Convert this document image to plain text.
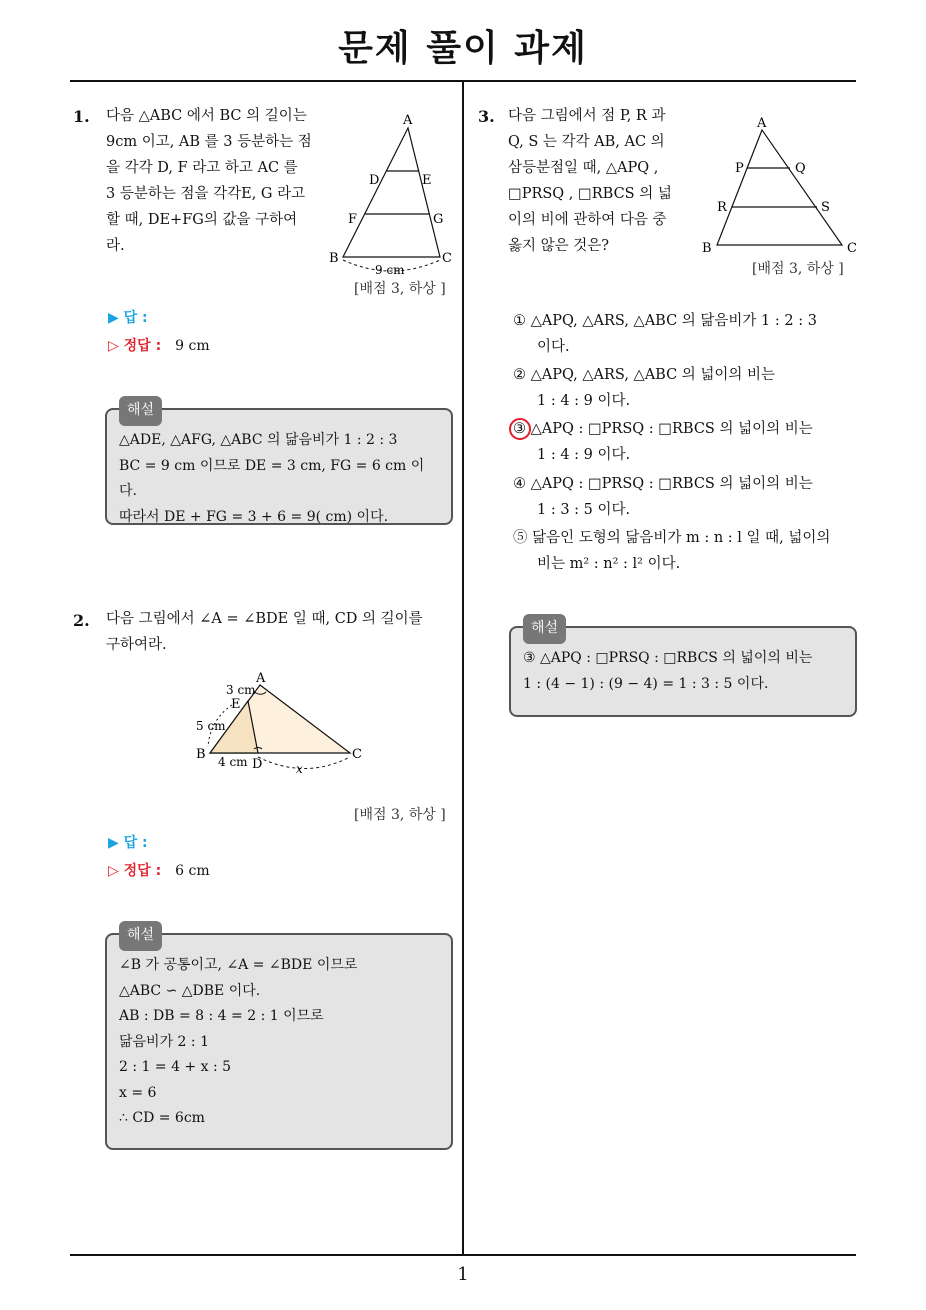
문제 풀이 과제
1
1. 다음 △ABC 에서 BC 의 길이는
9cm 이고, AB 를 3 등분하는 점
을 각각 D, F 라고 하고 AC 를
3 등분하는 점을 각각E, G 라고
할 때, DE+FG의 값을 구하여
라.
A
B	C
D	E
F	G
9 cm
[배점 3, 하상 ]
▶ 답 :
▷ 정답 : 9 cm
해설
△ADE, △AFG, △ABC 의 닮음비가 1 : 2 : 3
BC = 9 cm 이므로 DE = 3 cm, FG = 6 cm 이다.
따라서 DE + FG = 3 + 6 = 9( cm) 이다.
2. 다음 그림에서 ∠A = ∠BDE 일 때, CD 의 길이를
구하여라.
A
B	C
D
E
3 cm
5 cm
4 cm	x
[배점 3, 하상 ]
▶ 답 :
▷ 정답 : 6 cm
해설
∠B 가 공통이고, ∠A = ∠BDE 이므로
△ABC ∽ △DBE 이다.
AB : DB = 8 : 4 = 2 : 1 이므로
닮음비가 2 : 1
2 : 1 = 4 + x : 5
x = 6
∴ CD = 6cm
3. 다음 그림에서 점 P, R 과
Q, S 는 각각 AB, AC 의
삼등분점일 때, △APQ ,
□PRSQ , □RBCS 의 넓
이의 비에 관하여 다음 중
옳지 않은 것은?
A
B	C
P	Q
R	S
[배점 3, 하상 ]
① △APQ, △ARS, △ABC 의 닮음비가 1 : 2 : 3
이다.
② △APQ, △ARS, △ABC 의 넓이의 비는
1 : 4 : 9 이다.
③ △APQ : □PRSQ : □RBCS 의 넓이의 비는
1 : 4 : 9 이다.
④ △APQ : □PRSQ : □RBCS 의 넓이의 비는
1 : 3 : 5 이다.
⑤ 닮음인 도형의 닮음비가 m : n : l 일 때, 넓이의
비는 m² : n² : l² 이다.
해설
③ △APQ : □PRSQ : □RBCS 의 넓이의 비는
1 : (4 − 1) : (9 − 4) = 1 : 3 : 5 이다.
